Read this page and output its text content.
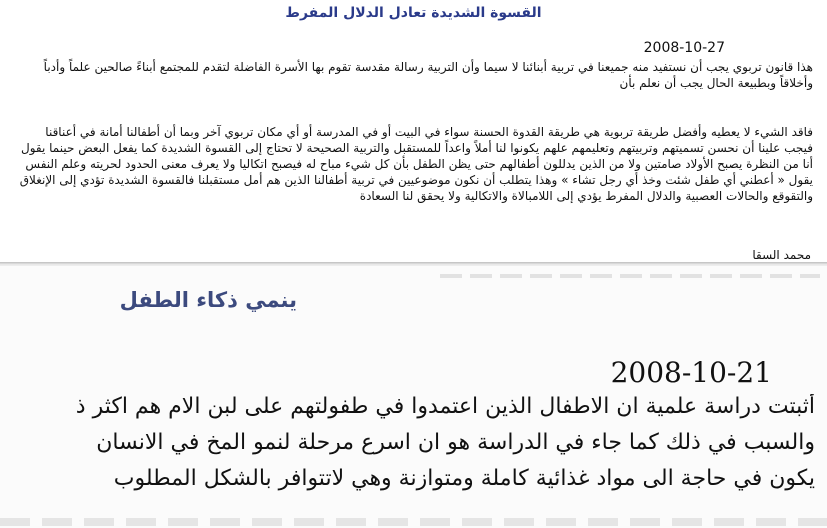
القسوة الشديدة تعادل الدلال المفرط
2008-10-27
هذا قانون تربوي يجب أن نستفيد منه جميعنا في تربية أبنائنا لا سيما وأن التربية رسالة مقدسة تقوم بها الأسرة الفاضلة لتقدم للمجتمع أبناءً صالحين علماً وأدباً وأخلاقاً وبطبيعة الحال يجب أن نعلم بأن
فاقد الشيء لا يعطيه وأفضل طريقة تربوية هي طريقة القدوة الحسنة سواء في البيت أو في المدرسة أو أي مكان تربوي آخر وبما أن أطفالنا أمانة في أعناقنا فيجب علينا أن نحسن تسميتهم وتربيتهم وتعليمهم علهم يكونوا لنا أملاً واعداً للمستقبل والتربية الصحيحة لا تحتاج إلى القسوة الشديدة كما يفعل البعض حينما يقول أنا من النظرة يصبح الأولاد صامتين ولا من الذين يدللون أطفالهم حتى يظن الطفل بأن كل شيء مباح له فيصبح اتكاليا ولا يعرف معنى الحدود لحريته وعلم النفس يقول « أعطني أي طفل شئت وخذ أي رجل تشاء » وهذا يتطلب أن نكون موضوعيين في تربية أطفالنا الذين هم أمل مستقبلنا فالقسوة الشديدة تؤدي إلى الإنغلاق والتقوقع والحالات العصبية والدلال المفرط يؤدي إلى اللامبالاة والاتكالية ولا يحقق لنا السعادة
محمد السقا
ينمي ذكاء الطفل
2008-10-21
أثبتت دراسة علمية ان الاطفال الذين اعتمدوا في طفولتهم على لبن الام هم اكثر ذ
والسبب في ذلك كما جاء في الدراسة هو ان اسرع مرحلة لنمو المخ في الانسان
يكون في حاجة الى مواد غذائية كاملة ومتوازنة وهي لاتتوافر بالشكل المطلوب
